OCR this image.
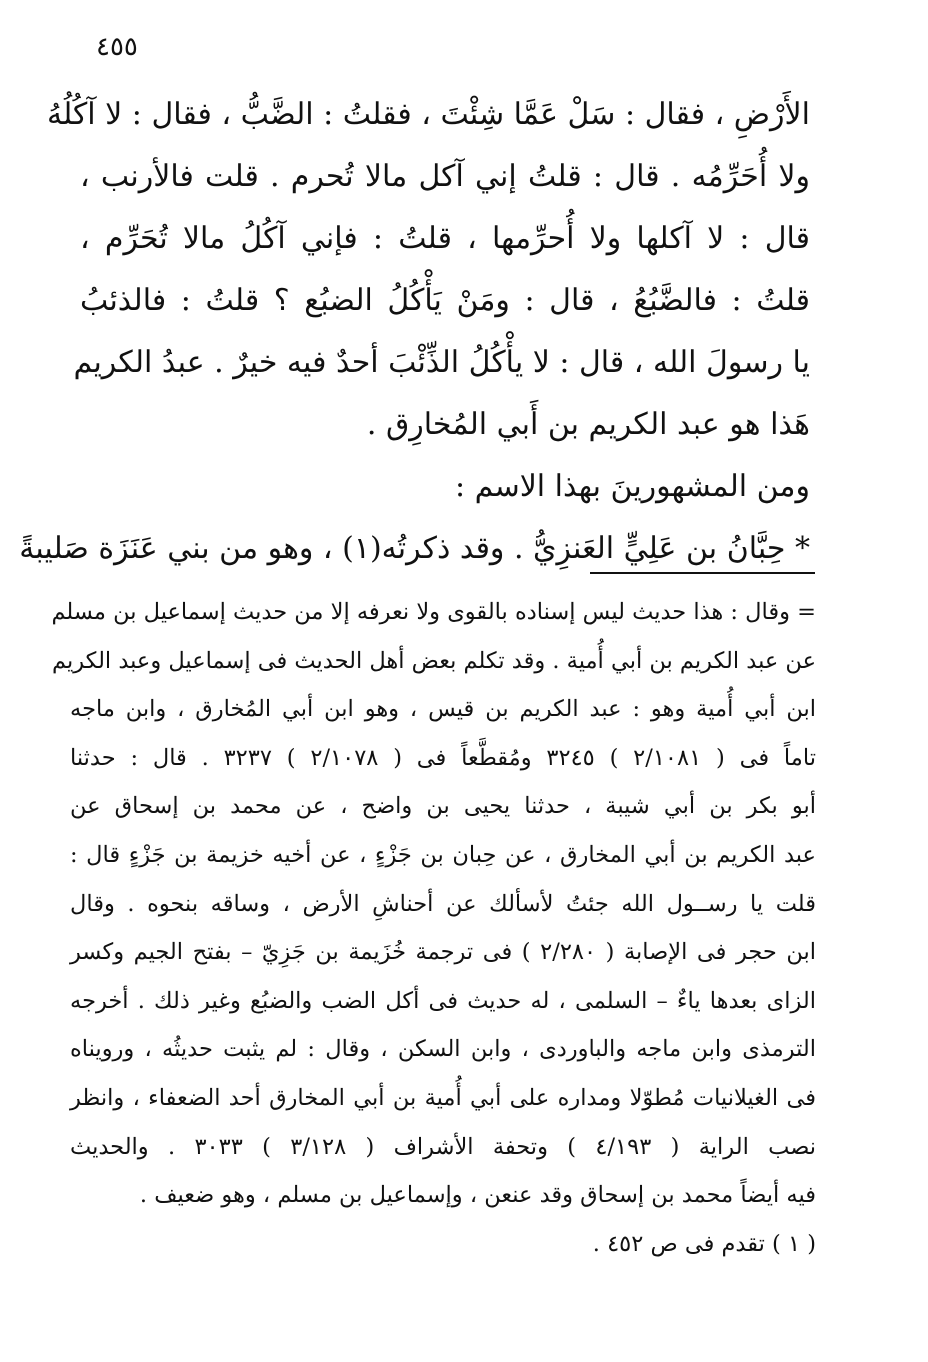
٤٥٥
الأَرْضِ ، فقال : سَلْ عَمَّا شِئْتَ ، فقلتُ : الضَّبُّ ، فقال : لا آكُلُهُ
ولا أُحَرِّمُه . قال : قلتُ إني آكل مالا تُحرم . قلت فالأرنب ،
قال : لا آكلها ولا أُحرِّمها ، قلتُ : فإني آكُلُ مالا تُحَرِّم ،
قلتُ : فالضَّبُعُ ، قال : ومَنْ يَأْكُلُ الضبُع ؟ قلتُ : فالذئبُ
يا رسولَ الله ، قال : لا يأْكُلُ الذِّئْبَ أحدٌ فيه خيرٌ . عبدُ الكريم
هَذا هو عبد الكريم بن أَبي المُخارِق .
ومن المشهورينَ بهذا الاسم :
* حِبَّانُ بن عَلِيٍّ العَنزِيُّ . وقد ذكرتُه(١) ، وهو من بني عَنَزَة صَليبةً
= وقال : هذا حديث ليس إسناده بالقوى ولا نعرفه إلا من حديث إسماعيل بن مسلم
عن عبد الكريم بن أبي أُمية . وقد تكلم بعض أهل الحديث فى إسماعيل وعبد الكريم
ابن أبي أُمية وهو : عبد الكريم بن قيس ، وهو ابن أبي المُخارق ، وابن ماجه
تاماً فى ( ٢/١٠٨١ ) ٣٢٤٥ ومُقطَّعاً فى ( ٢/١٠٧٨ ) ٣٢٣٧ . قال : حدثنا
أبو بكر بن أبي شيبة ، حدثنا يحيى بن واضح ، عن محمد بن إسحاق عن
عبد الكريم بن أبي المخارق ، عن حِبان بن جَزْءٍ ، عن أخيه خزيمة بن جَزْءٍ قال :
قلت يا رســول الله جئتُ لأسألك عن أحناشِ الأرض ، وساقه بنحوه . وقال
ابن حجر فى الإصابة ( ٢/٢٨٠ ) فى ترجمة خُزَيمة بن جَزِيّ – بفتح الجيم وكسر
الزاى بعدها ياءٌ – السلمى ، له حديث فى أكل الضب والضبُع وغير ذلك . أخرجه
الترمذى وابن ماجه والباوردى ، وابن السكن ، وقال : لم يثبت حديثُه ، ورويناه
فى الغيلانيات مُطوّلا ومداره على أبي أُمية بن أبي المخارق أحد الضعفاء ، وانظر
نصب الراية ( ٤/١٩٣ ) وتحفة الأشراف ( ٣/١٢٨ ) ٣٠٣٣ . والحديث
فيه أيضاً محمد بن إسحاق وقد عنعن ، وإسماعيل بن مسلم ، وهو ضعيف .
( ١ ) تقدم فى ص ٤٥٢ .
